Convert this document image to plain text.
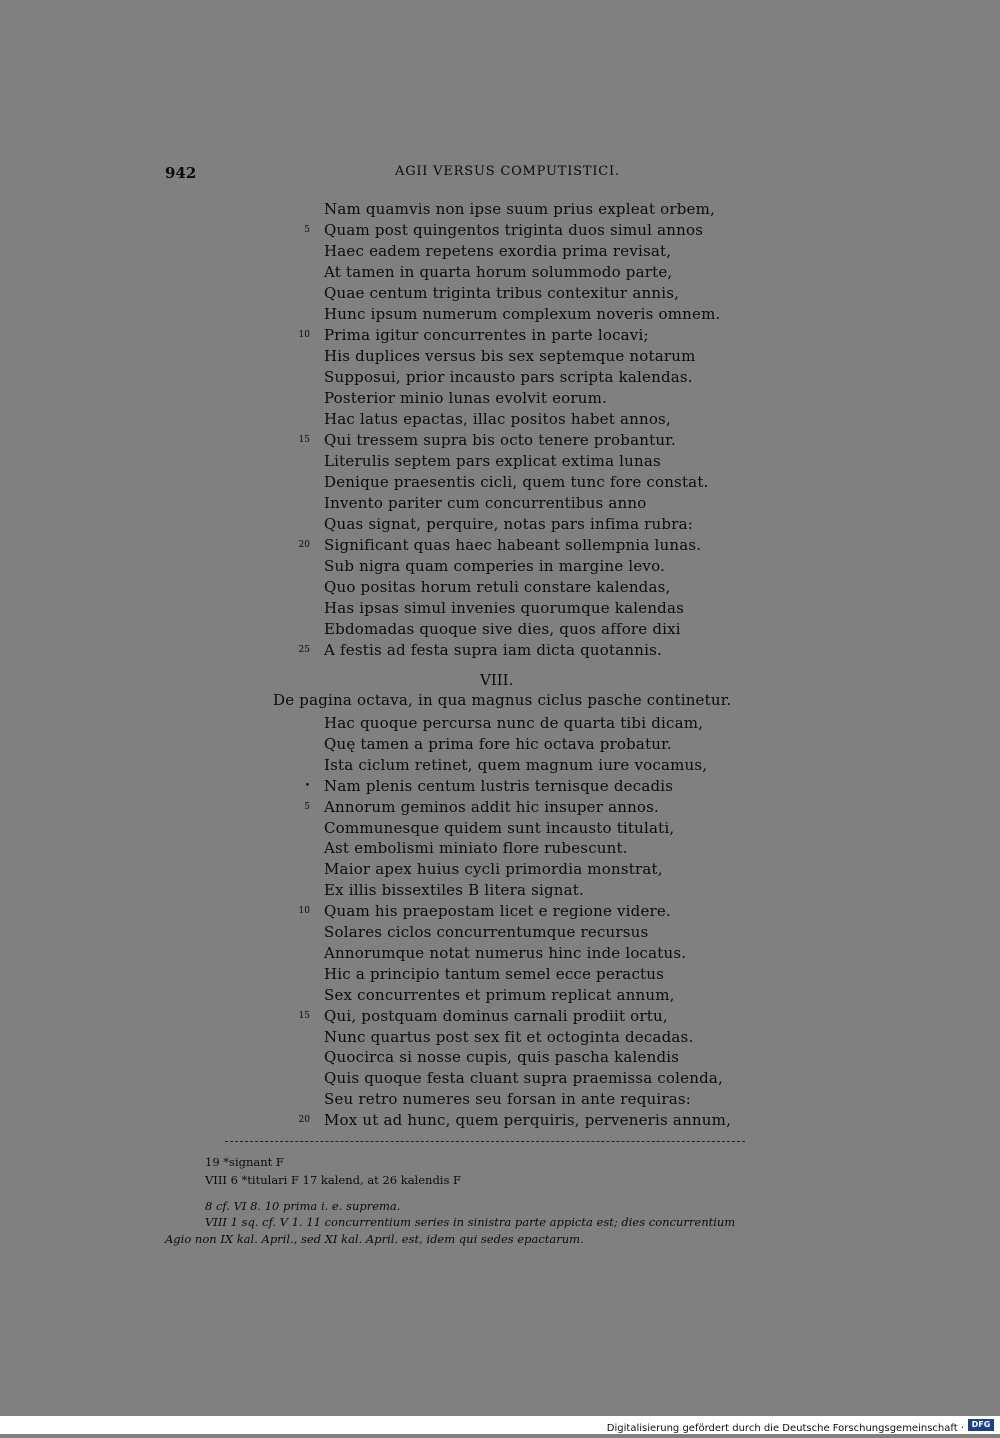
942	AGII VERSUS COMPUTISTICI.
Nam quamvis non ipse suum prius expleat orbem,
Quam post quingentos triginta duos simul annos
5
Haec eadem repetens exordia prima revisat,
At tamen in quarta horum solummodo parte,
Quae centum triginta tribus contexitur annis,
Hunc ipsum numerum complexum noveris omnem.
Prima igitur concurrentes in parte locavi;
10
His duplices versus bis sex septemque notarum
Supposui, prior incausto pars scripta kalendas.
Posterior minio lunas evolvit eorum.
Hac latus epactas, illac positos habet annos,
Qui tressem supra bis octo tenere probantur.
15
Literulis septem pars explicat extima lunas
Denique praesentis cicli, quem tunc fore constat.
Invento pariter cum concurrentibus anno
Quas signat, perquire, notas pars infima rubra:
Significant quas haec habeant sollempnia lunas.
20
Sub nigra quam comperies in margine levo.
Quo positas horum retuli constare kalendas,
Has ipsas simul invenies quorumque kalendas
Ebdomadas quoque sive dies, quos affore dixi
A festis ad festa supra iam dicta quotannis.
25
VIII.
De pagina octava, in qua magnus ciclus pasche continetur.
Hac quoque percursa nunc de quarta tibi dicam,
Quę tamen a prima fore hic octava probatur.
Ista ciclum retinet, quem magnum iure vocamus,
Nam plenis centum lustris ternisque decadis
•
Annorum geminos addit hic insuper annos.
5
Communesque quidem sunt incausto titulati,
Ast embolismi miniato flore rubescunt.
Maior apex huius cycli primordia monstrat,
Ex illis bissextiles B litera signat.
Quam his praepostam licet e regione videre.
10
Solares ciclos concurrentumque recursus
Annorumque notat numerus hinc inde locatus.
Hic a principio tantum semel ecce peractus
Sex concurrentes et primum replicat annum,
Qui, postquam dominus carnali prodiit ortu,
15
Nunc quartus post sex fit et octoginta decadas.
Quocirca si nosse cupis, quis pascha kalendis
Quis quoque festa cluant supra praemissa colenda,
Seu retro numeres seu forsan in ante requiras:
Mox ut ad hunc, quem perquiris, perveneris annum,
20
19 *signant F
VIII 6 *titulari F 17 kalend, at 26 kalendis F
8 cf. VI 8. 10 prima i. e. suprema.
VIII 1 sq. cf. V 1. 11 concurrentium series in sinistra parte appicta est; dies concurrentium
Agio non IX kal. April., sed XI kal. April. est, idem qui sedes epactarum.
Digitalisierung gefördert durch die Deutsche Forschungsgemeinschaft · DFG
